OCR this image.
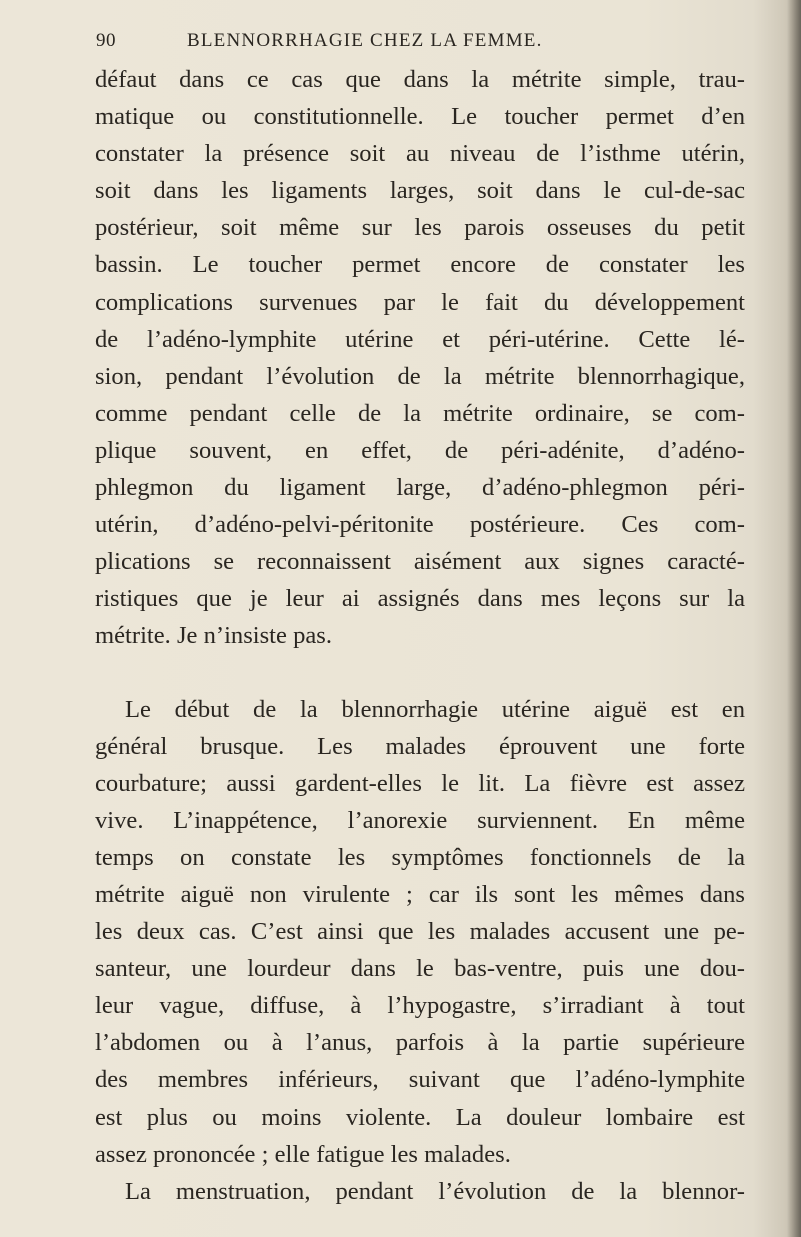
90	BLENNORRHAGIE CHEZ LA FEMME.
défaut dans ce cas que dans la métrite simple, trau-
matique ou constitutionnelle. Le toucher permet d’en
constater la présence soit au niveau de l’isthme utérin,
soit dans les ligaments larges, soit dans le cul-de-sac
postérieur, soit même sur les parois osseuses du petit
bassin. Le toucher permet encore de constater les
complications survenues par le fait du développement
de l’adéno-lymphite utérine et péri-utérine. Cette lé-
sion, pendant l’évolution de la métrite blennorrhagique,
comme pendant celle de la métrite ordinaire, se com-
plique souvent, en effet, de péri-adénite, d’adéno-
phlegmon du ligament large, d’adéno-phlegmon péri-
utérin, d’adéno-pelvi-péritonite postérieure. Ces com-
plications se reconnaissent aisément aux signes caracté-
ristiques que je leur ai assignés dans mes leçons sur la
métrite. Je n’insiste pas.
Le début de la blennorrhagie utérine aiguë est en
général brusque. Les malades éprouvent une forte
courbature; aussi gardent-elles le lit. La fièvre est assez
vive. L’inappétence, l’anorexie surviennent. En même
temps on constate les symptômes fonctionnels de la
métrite aiguë non virulente ; car ils sont les mêmes dans
les deux cas. C’est ainsi que les malades accusent une pe-
santeur, une lourdeur dans le bas-ventre, puis une dou-
leur vague, diffuse, à l’hypogastre, s’irradiant à tout
l’abdomen ou à l’anus, parfois à la partie supérieure
des membres inférieurs, suivant que l’adéno-lymphite
est plus ou moins violente. La douleur lombaire est
assez prononcée ; elle fatigue les malades.
La menstruation, pendant l’évolution de la blennor-
